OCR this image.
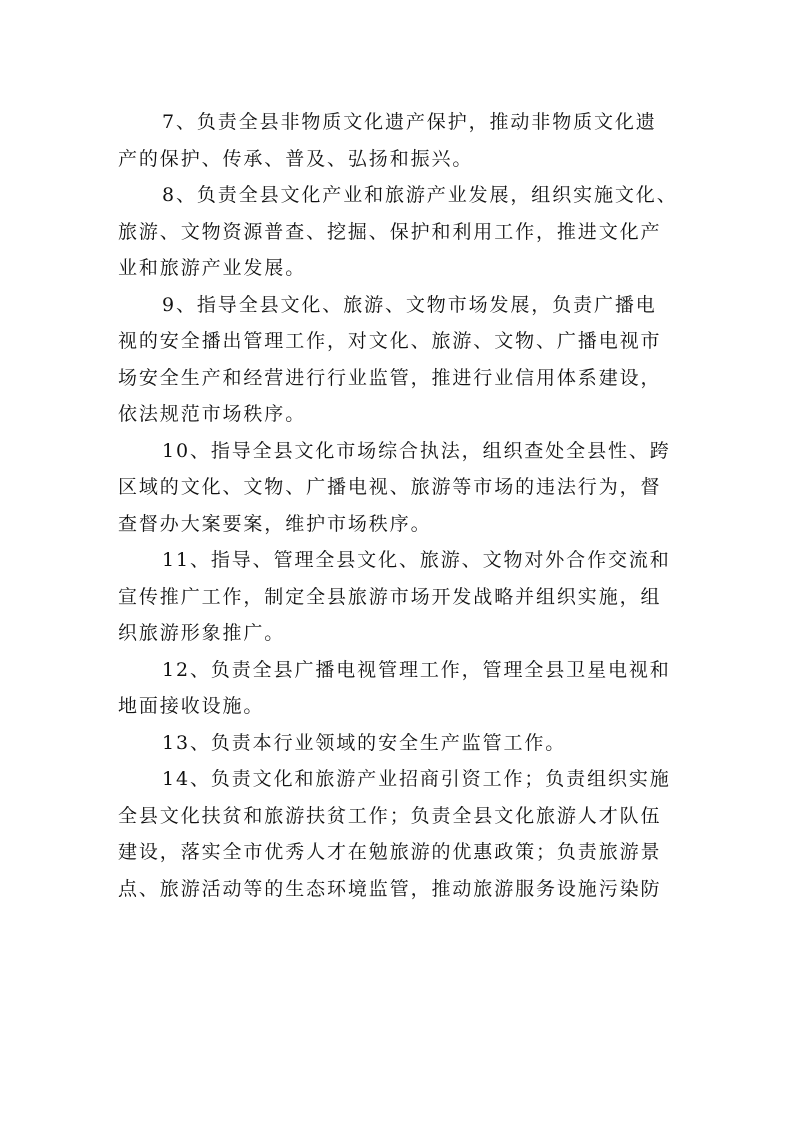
7、负责全县非物质文化遗产保护，推动非物质文化遗
产的保护、传承、普及、弘扬和振兴。

8、负责全县文化产业和旅游产业发展，组织实施文化、
旅游、文物资源普查、挖掘、保护和利用工作，推进文化产
业和旅游产业发展。

9、指导全县文化、旅游、文物市场发展，负责广播电
视的安全播出管理工作，对文化、旅游、文物、广播电视市
场安全生产和经营进行行业监管，推进行业信用体系建设，
依法规范市场秩序。

10、指导全县文化市场综合执法，组织查处全县性、跨
区域的文化、文物、广播电视、旅游等市场的违法行为，督
查督办大案要案，维护市场秩序。

11、指导、管理全县文化、旅游、文物对外合作交流和
宣传推广工作，制定全县旅游市场开发战略并组织实施，组
织旅游形象推广。

12、负责全县广播电视管理工作，管理全县卫星电视和
地面接收设施。

13、负责本行业领域的安全生产监管工作。

14、负责文化和旅游产业招商引资工作；负责组织实施
全县文化扶贫和旅游扶贫工作；负责全县文化旅游人才队伍
建设，落实全市优秀人才在勉旅游的优惠政策；负责旅游景
点、旅游活动等的生态环境监管，推动旅游服务设施污染防
